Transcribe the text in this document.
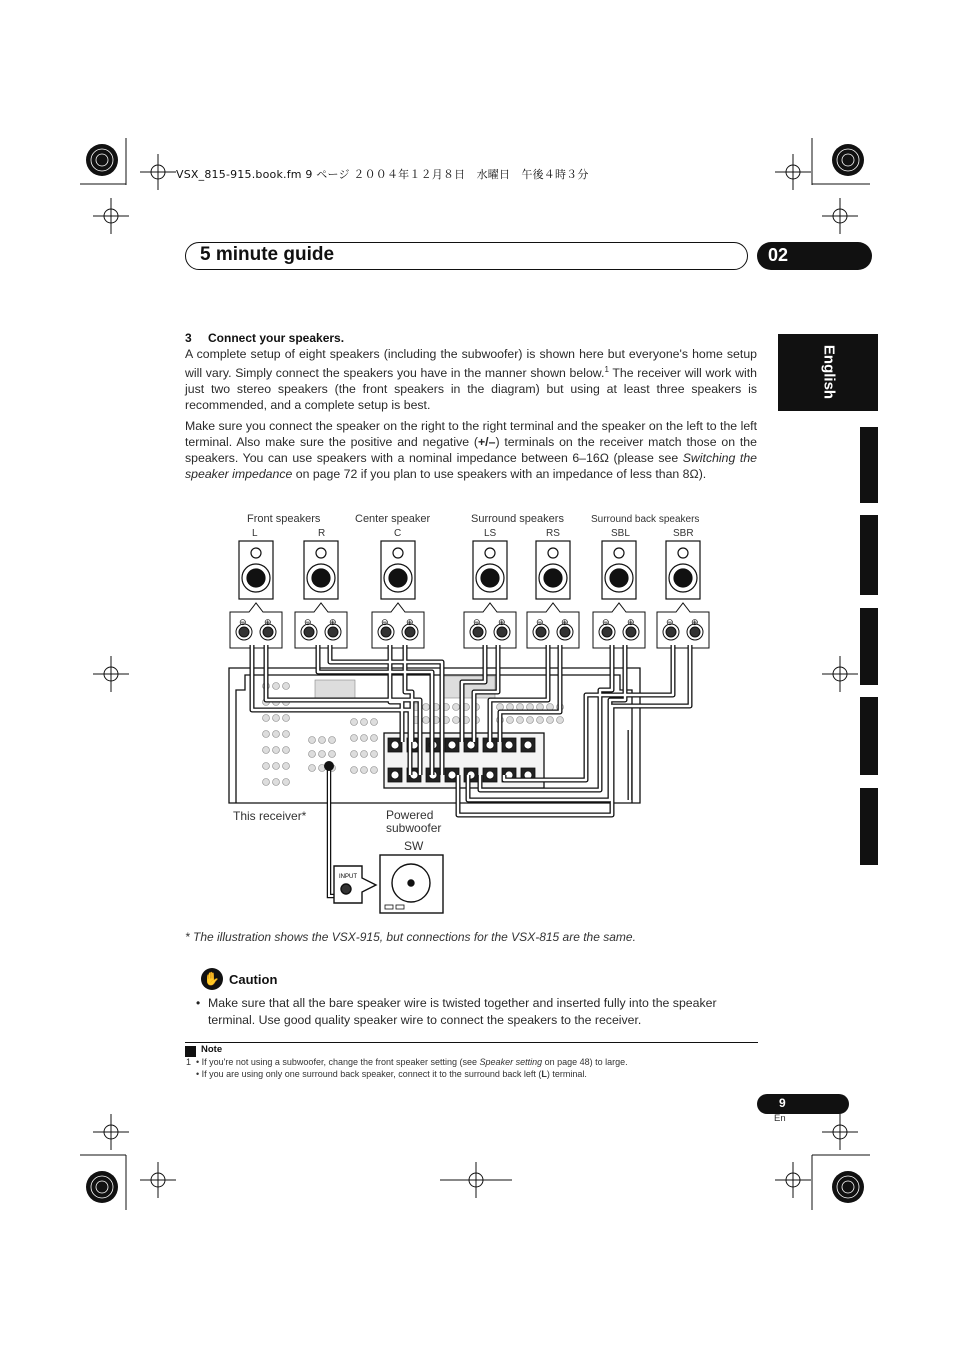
VSX_815-915.book.fm 9 ページ ２００４年１２月８日　水曜日　午後４時３分
5 minute guide	02
English
3 Connect your speakers.
A complete setup of eight speakers (including the subwoofer) is shown here but everyone's home setup will vary. Simply connect the speakers you have in the manner shown below.$^1$ The receiver will work with just two stereo speakers (the front speakers in the diagram) but using at least three speakers is recommended, and a complete setup is best.
Make sure you connect the speaker on the right to the right terminal and the speaker on the left to the left terminal. Also make sure the positive and negative (+/–) terminals on the receiver match those on the speakers. You can use speakers with a nominal impedance between 6–16Ω (please see Switching the speaker impedance on page 72 if you plan to use speakers with an impedance of less than 8Ω).
Front speakers	Center speaker	Surround speakers	Surround back speakers
L	R	C	LS	RS	SBL	SBR
⊖ ⊕	⊖ ⊕	⊖ ⊕	⊖ ⊕	⊖ ⊕	⊖ ⊕	⊖ ⊕
INPUT
This receiver*	Powered
subwoofer
SW
* The illustration shows the VSX-915, but connections for the VSX-815 are the same.
✋ Caution
• Make sure that all the bare speaker wire is twisted together and inserted fully into the speaker terminal. Use good quality speaker wire to connect the speakers to the receiver.
Note
1 • If you're not using a subwoofer, change the front speaker setting (see Speaker setting on page 48) to large.
• If you are using only one surround back speaker, connect it to the surround back left (L) terminal.
9
En
